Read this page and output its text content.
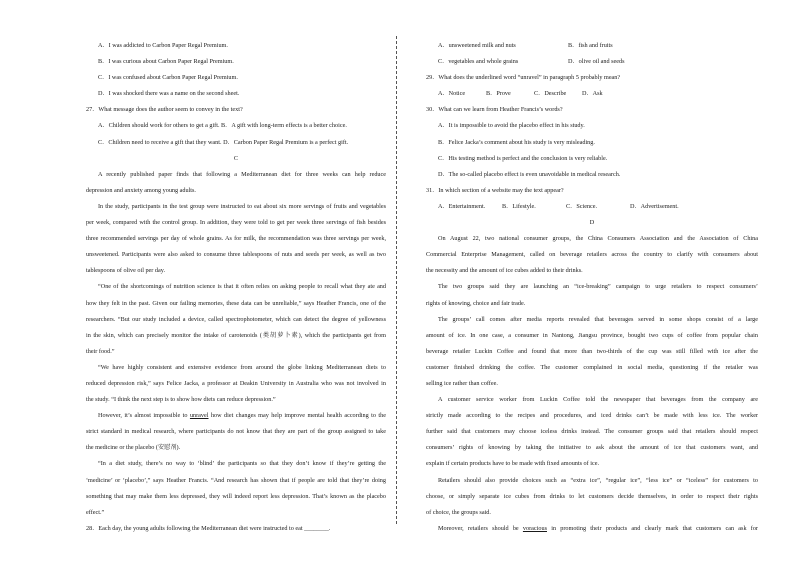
A．I was addicted to Carbon Paper Regal Premium.
B．I was curious about Carbon Paper Regal Premium.
C．I was confused about Carbon Paper Regal Premium.
D．I was shocked there was a name on the second sheet.
27．What message does the author seem to convey in the text?
A．Children should work for others to get a gift. B．A gift with long-term effects is a better choice.
C．Children need to receive a gift that they want. D．Carbon Paper Regal Premium is a perfect gift.
C
A recently published paper finds that following a Mediterranean diet for three weeks can help reduce
depression and anxiety among young adults.
In the study, participants in the test group were instructed to eat about six more servings of fruits and vegetables
per week, compared with the control group. In addition, they were told to get per week three servings of fish besides
three recommended servings per day of whole grains. As for milk, the recommendation was three servings per week,
unsweetened. Participants were also asked to consume three tablespoons of nuts and seeds per week, as well as two
tablespoons of olive oil per day.
“One of the shortcomings of nutrition science is that it often relies on asking people to recall what they ate and
how they felt in the past. Given our failing memories, these data can be unreliable,” says Heather Francis, one of the
researchers. “But our study included a device, called spectrophotometer, which can detect the degree of yellowness
in the skin, which can precisely monitor the intake of carotenoids (类胡萝卜素), which the participants get from
their food.”
“We have highly consistent and extensive evidence from around the globe linking Mediterranean diets to
reduced depression risk,” says Felice Jacka, a professor at Deakin University in Australia who was not involved in
the study. “I think the next step is to show how diets can reduce depression.”
However, it’s almost impossible to unravel how diet changes may help improve mental health according to the
strict standard in medical research, where participants do not know that they are part of the group assigned to take
the medicine or the placebo (安慰剂).
“In a diet study, there’s no way to ‘blind’ the participants so that they don’t know if they’re getting the
‘medicine’ or ‘placebo’,” says Heather Francis. “And research has shown that if people are told that they’re doing
something that may make them less depressed, they will indeed report less depression. That’s known as the placebo
effect.”
28．Each day, the young adults following the Mediterranean diet were instructed to eat ________.
A．unsweetened milk and nuts	B．fish and fruits
C．vegetables and whole grains	D．olive oil and seeds
29．What does the underlined word “unravel” in paragraph 5 probably mean?
A．Notice	B．Prove	C．Describe	D．Ask
30．What can we learn from Heather Francis’s words?
A．It is impossible to avoid the placebo effect in his study.
B．Felice Jacka’s comment about his study is very misleading.
C．His testing method is perfect and the conclusion is very reliable.
D．The so-called placebo effect is even unavoidable in medical research.
31．In which section of a website may the text appear?
A．Entertainment.	B．Lifestyle.	C．Science.	D．Advertisement.
D
On August 22, two national consumer groups, the China Consumers Association and the Association of China
Commercial Enterprise Management, called on beverage retailers across the country to clarify with consumers about
the necessity and the amount of ice cubes added to their drinks.
The two groups said they are launching an “ice-breaking” campaign to urge retailers to respect consumers’
rights of knowing, choice and fair trade.
The groups’ call comes after media reports revealed that beverages served in some shops consist of a large
amount of ice. In one case, a consumer in Nantong, Jiangsu province, bought two cups of coffee from popular chain
beverage retailer Luckin Coffee and found that more than two-thirds of the cup was still filled with ice after the
customer finished drinking the coffee. The customer complained in social media, questioning if the retailer was
selling ice rather than coffee.
A customer service worker from Luckin Coffee told the newspaper that beverages from the company are
strictly made according to the recipes and procedures, and iced drinks can’t be made with less ice. The worker
further said that customers may choose iceless drinks instead. The consumer groups said that retailers should respect
consumers’ rights of knowing by taking the initiative to ask about the amount of ice that customers want, and
explain if certain products have to be made with fixed amounts of ice.
Retailers should also provide choices such as “extra ice”, “regular ice”, “less ice” or “iceless” for customers to
choose, or simply separate ice cubes from drinks to let customers decide themselves, in order to respect their rights
of choice, the groups said.
Moreover, retailers should be voracious in promoting their products and clearly mark that customers can ask for
